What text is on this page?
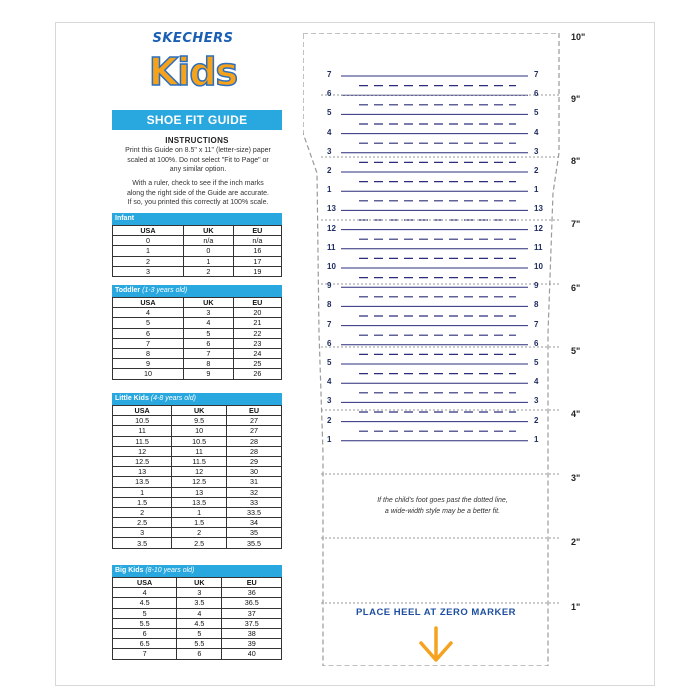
SKECHERS
Kids
SHOE FIT GUIDE
INSTRUCTIONS
Print this Guide on 8.5" x 11" (letter-size) paper
scaled at 100%. Do not select "Fit to Page" or
any similar option.
With a ruler, check to see if the inch marks
along the right side of the Guide are accurate.
If so, you printed this correctly at 100% scale.
Infant
USA	UK	EU
0	n/a	n/a
1	0	16
2	1	17
3	2	19
Toddler (1-3 years old)
USA	UK	EU
4	3	20
5	4	21
6	5	22
7	6	23
8	7	24
9	8	25
10	9	26
Little Kids (4-8 years old)
USA	UK	EU
10.5	9.5	27
11	10	27
11.5	10.5	28
12	11	28
12.5	11.5	29
13	12	30
13.5	12.5	31
1	13	32
1.5	13.5	33
2	1	33.5
2.5	1.5	34
3	2	35
3.5	2.5	35.5
Big Kids (8-10 years old)
USA	UK	EU
4	3	36
4.5	3.5	36.5
5	4	37
5.5	4.5	37.5
6	5	38
6.5	5.5	39
7	6	40
If the child's foot goes past the dotted line,
a wide-width style may be a better fit.
PLACE HEEL AT ZERO MARKER
7	7
6	6
5	5
4	4
3	3
2	2
1	1
13	13
12	12
11	11
10	10
9	9
8	8
7	7
6	6
5	5
4	4
3	3
2	2
1	1
10"
9"
8"
7"
6"
5"
4"
3"
2"
1"
